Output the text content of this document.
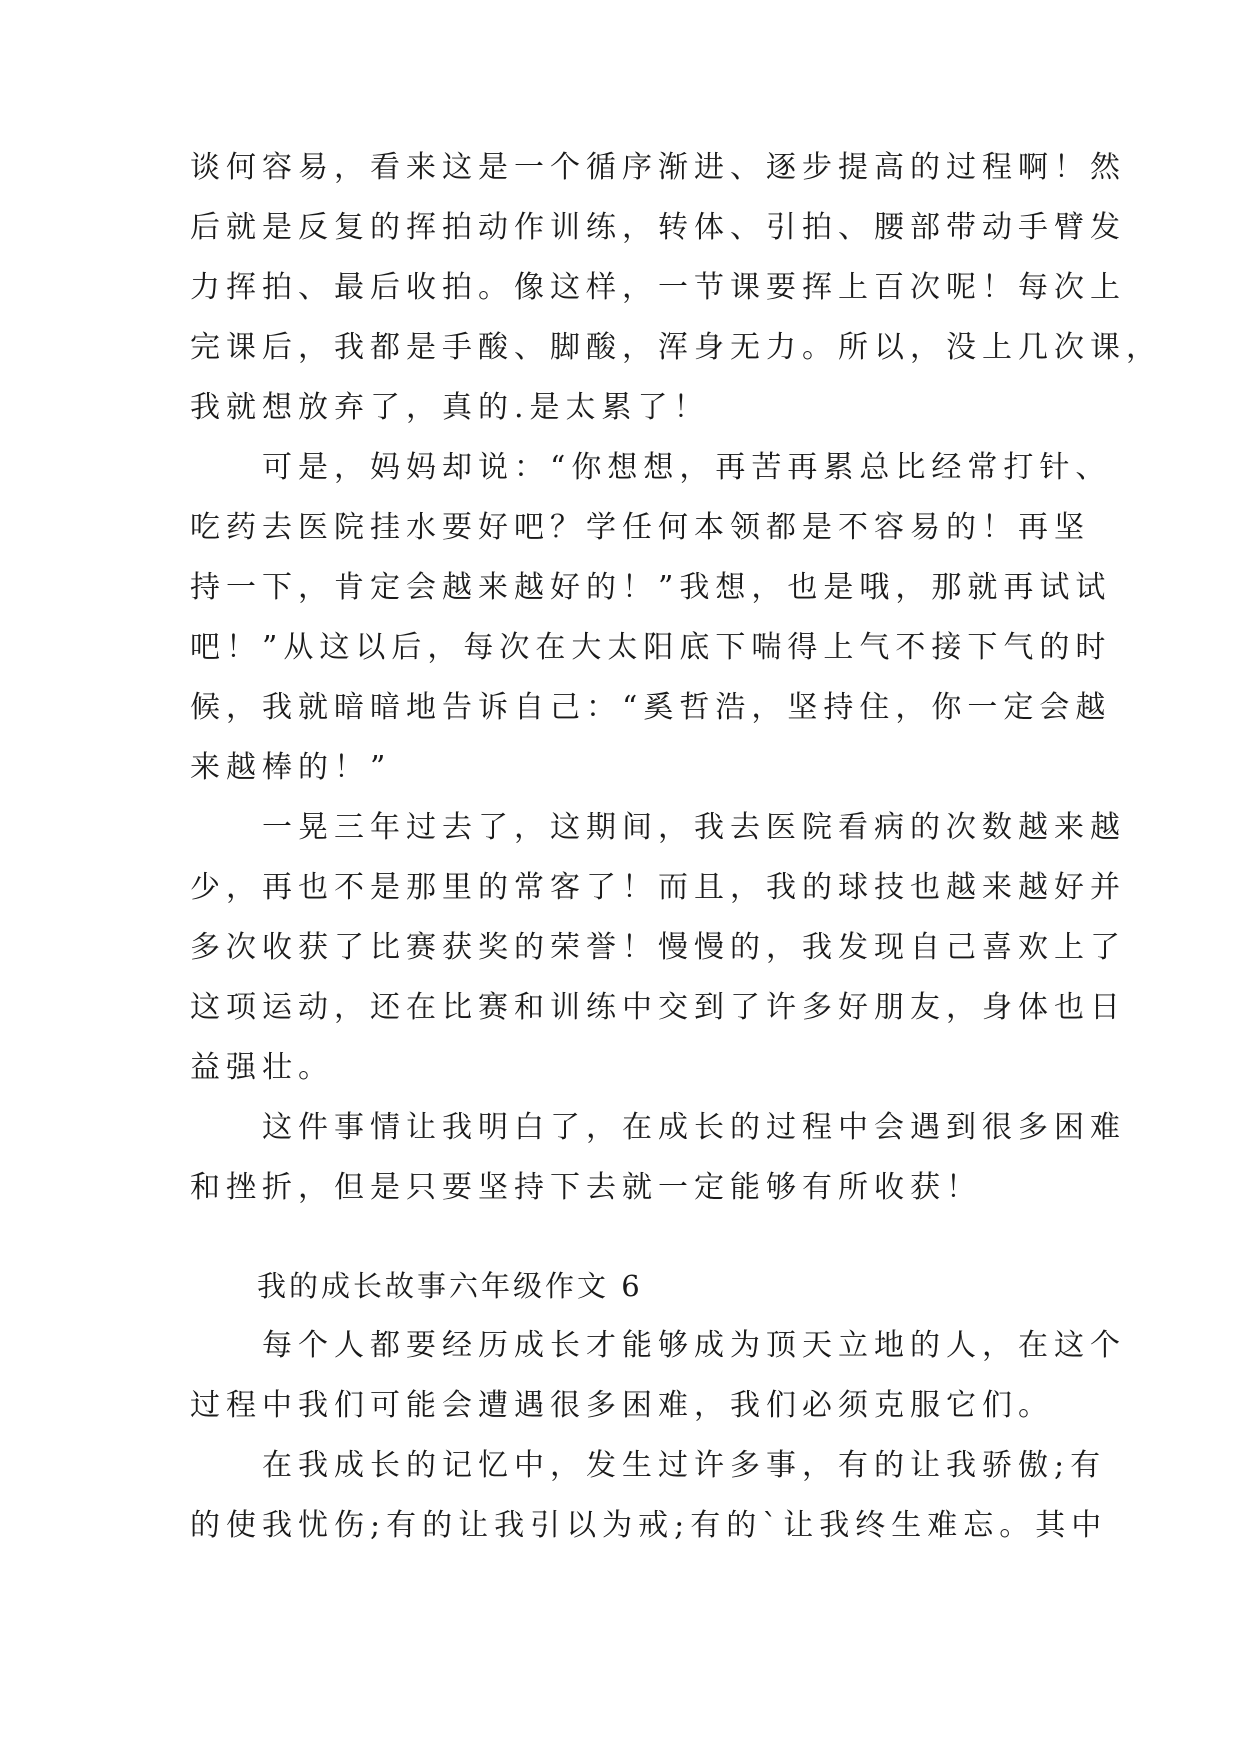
谈何容易，看来这是一个循序渐进、逐步提高的过程啊！然
后就是反复的挥拍动作训练，转体、引拍、腰部带动手臂发
力挥拍、最后收拍。像这样，一节课要挥上百次呢！每次上
完课后，我都是手酸、脚酸，浑身无力。所以，没上几次课，
我就想放弃了，真的.是太累了！
　　可是，妈妈却说：“你想想，再苦再累总比经常打针、
吃药去医院挂水要好吧？学任何本领都是不容易的！再坚
持一下，肯定会越来越好的！”我想，也是哦，那就再试试
吧！”从这以后，每次在大太阳底下喘得上气不接下气的时
候，我就暗暗地告诉自己：“奚哲浩，坚持住，你一定会越
来越棒的！”
　　一晃三年过去了，这期间，我去医院看病的次数越来越
少，再也不是那里的常客了！而且，我的球技也越来越好并
多次收获了比赛获奖的荣誉！慢慢的，我发现自己喜欢上了
这项运动，还在比赛和训练中交到了许多好朋友，身体也日
益强壮。
　　这件事情让我明白了，在成长的过程中会遇到很多困难
和挫折，但是只要坚持下去就一定能够有所收获！
我的成长故事六年级作文 6
　　每个人都要经历成长才能够成为顶天立地的人，在这个
过程中我们可能会遭遇很多困难，我们必须克服它们。
　　在我成长的记忆中，发生过许多事，有的让我骄傲;有
的使我忧伤;有的让我引以为戒;有的`让我终生难忘。其中
